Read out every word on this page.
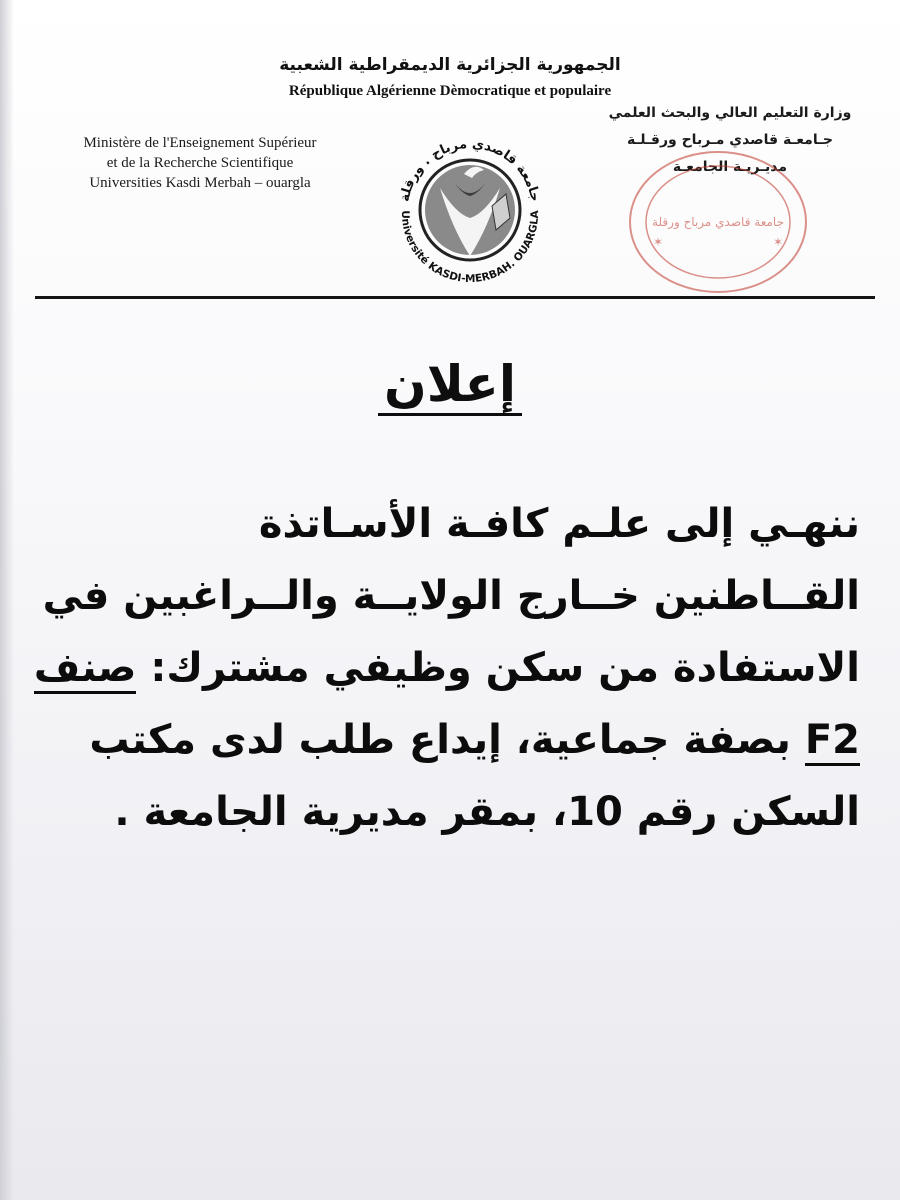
الجمهورية الجزائرية الديمقراطية الشعبية
République Algérienne Dèmocratique et populaire
Ministère de l'Enseignement Supérieur
et de la Recherche Scientifique
Universities Kasdi Merbah – ouargla
وزارة التعليم العالي والبحث العلمي
جـامعـة قاصدي مـرباح ورقـلـة
مديـريـة الجامعـة
جامعة قاصدي مرباح . ورقلة
Université KASDI-MERBAH. OUARGLA
جامعة قاصدي مرباح ورقلة
✶	✶
إعلان
ننهـي إلى علـم كافـة الأسـاتذة
القــاطنين خــارج الولايــة والــراغبين في
الاستفادة من سكن وظيفي مشترك: صنف
F2 بصفة جماعية، إيداع طلب لدى مكتب
السكن رقم 10، بمقر مديرية الجامعة .
